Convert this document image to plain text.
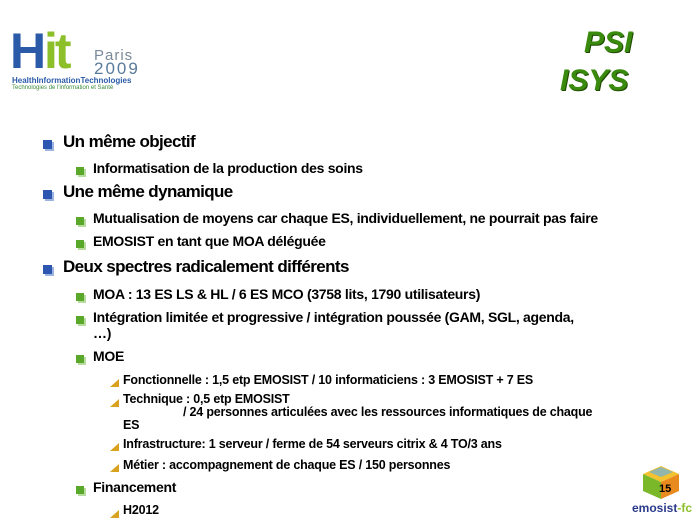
H it Paris
2009
HealthInformationTechnologies
Technologies de l'information et Santé
PSI
ISYS
Un même objectif
Informatisation de la production des soins
Une même dynamique
Mutualisation de moyens car chaque ES, individuellement, ne pourrait pas faire
EMOSIST en tant que MOA déléguée
Deux spectres radicalement différents
MOA : 13 ES LS & HL / 6 ES MCO (3758 lits, 1790 utilisateurs)
Intégration limitée et progressive / intégration poussée (GAM, SGL, agenda,
…)
MOE
Fonctionnelle : 1,5 etp EMOSIST / 10 informaticiens : 3 EMOSIST + 7 ES
Technique : 0,5 etp EMOSIST
/ 24 personnes articulées avec les ressources informatiques de chaque
ES
Infrastructure: 1 serveur / ferme de 54 serveurs citrix & 4 TO/3 ans
Métier : accompagnement de chaque ES / 150 personnes
Financement
H2012
15
emosist-fc
